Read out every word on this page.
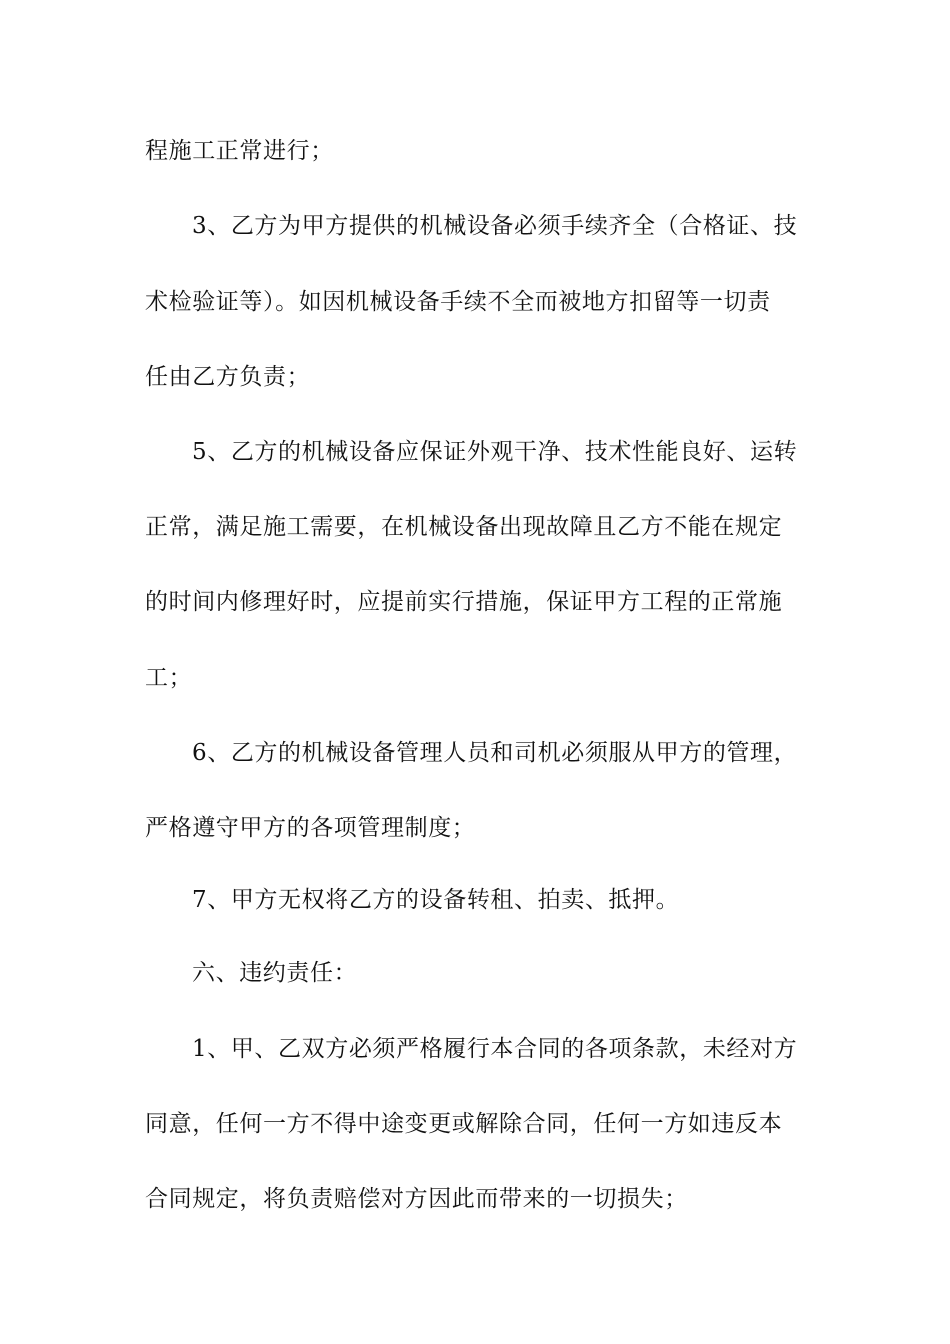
程施工正常进行；
3、乙方为甲方提供的机械设备必须手续齐全（合格证、技
术检验证等）。如因机械设备手续不全而被地方扣留等一切责
任由乙方负责；
5、乙方的机械设备应保证外观干净、技术性能良好、运转
正常，满足施工需要，在机械设备出现故障且乙方不能在规定
的时间内修理好时，应提前实行措施，保证甲方工程的正常施
工；
6、乙方的机械设备管理人员和司机必须服从甲方的管理，
严格遵守甲方的各项管理制度；
7、甲方无权将乙方的设备转租、拍卖、抵押。
六、违约责任：
1、甲、乙双方必须严格履行本合同的各项条款，未经对方
同意，任何一方不得中途变更或解除合同，任何一方如违反本
合同规定，将负责赔偿对方因此而带来的一切损失；
